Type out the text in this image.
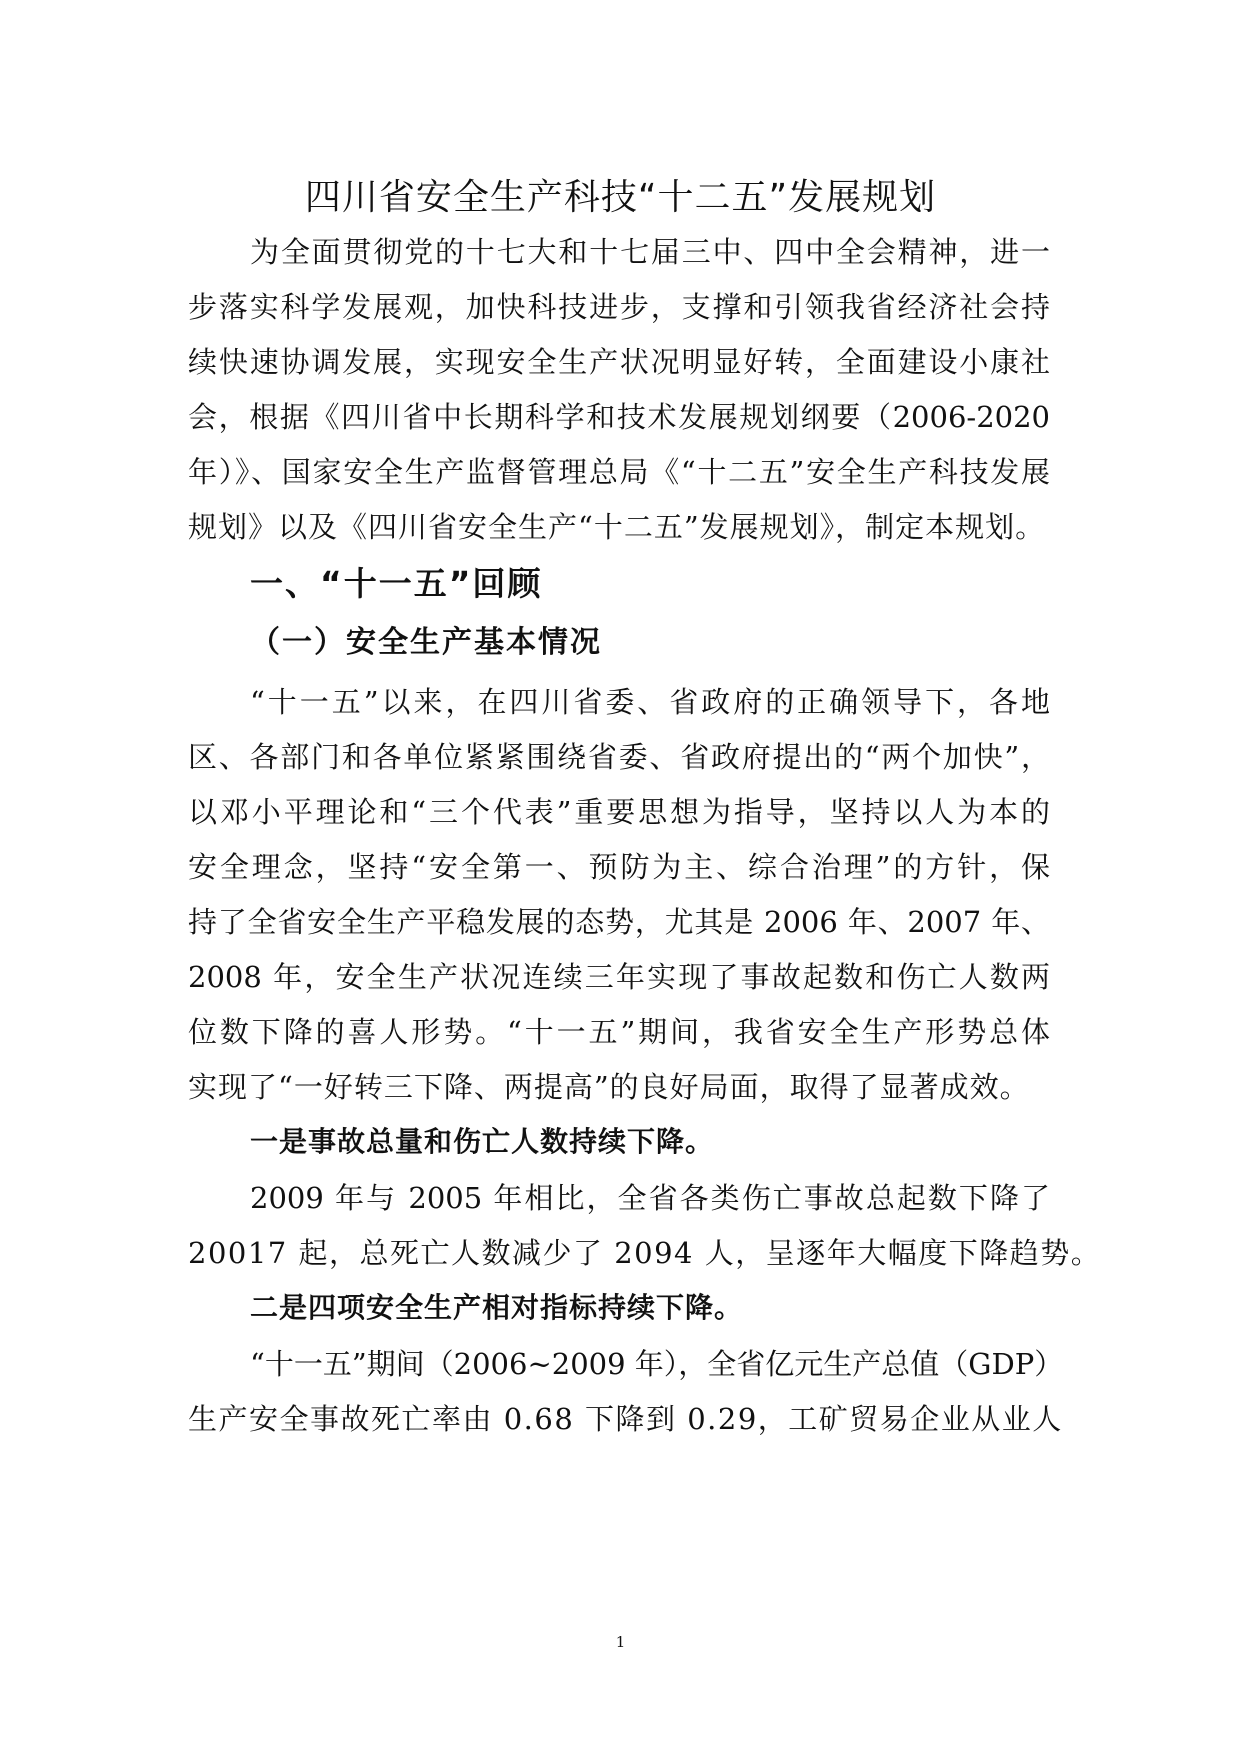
四川省安全生产科技“十二五”发展规划
为全面贯彻党的十七大和十七届三中、四中全会精神，进一
步落实科学发展观，加快科技进步，支撑和引领我省经济社会持
续快速协调发展，实现安全生产状况明显好转，全面建设小康社
会，根据《四川省中长期科学和技术发展规划纲要（2006-2020
年）》、国家安全生产监督管理总局《“十二五”安全生产科技发展
规划》以及《四川省安全生产“十二五”发展规划》，制定本规划。
一、“十一五”回顾
（一）安全生产基本情况
“十一五”以来，在四川省委、省政府的正确领导下，各地
区、各部门和各单位紧紧围绕省委、省政府提出的“两个加快”，
以邓小平理论和“三个代表”重要思想为指导，坚持以人为本的
安全理念，坚持“安全第一、预防为主、综合治理”的方针，保
持了全省安全生产平稳发展的态势，尤其是 2006 年、2007 年、
2008 年，安全生产状况连续三年实现了事故起数和伤亡人数两
位数下降的喜人形势。“十一五”期间，我省安全生产形势总体
实现了“一好转三下降、两提高”的良好局面，取得了显著成效。
一是事故总量和伤亡人数持续下降。
2009 年与 2005 年相比，全省各类伤亡事故总起数下降了
20017 起，总死亡人数减少了 2094 人，呈逐年大幅度下降趋势。
二是四项安全生产相对指标持续下降。
“十一五”期间（2006~2009 年），全省亿元生产总值（GDP）
生产安全事故死亡率由 0.68 下降到 0.29，工矿贸易企业从业人
1
